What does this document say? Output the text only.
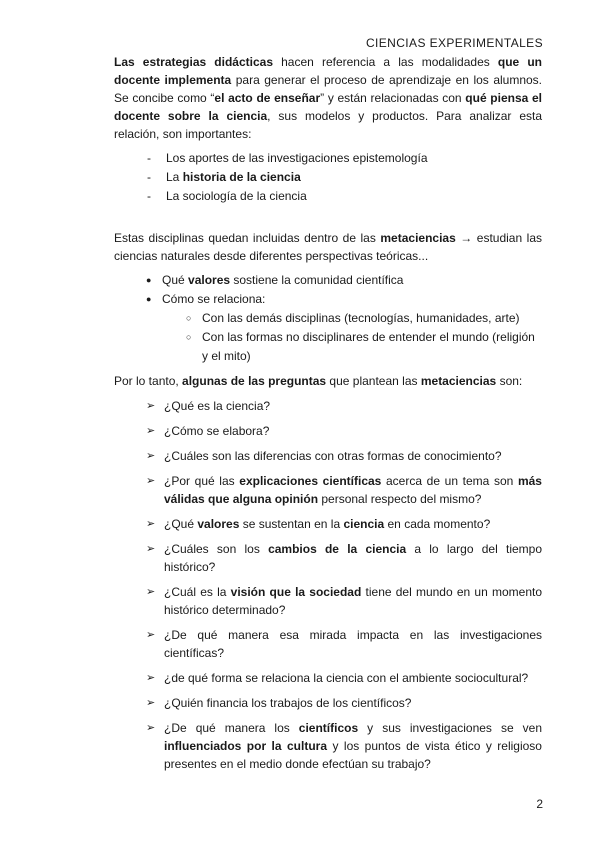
CIENCIAS EXPERIMENTALES

Las estrategias didácticas hacen referencia a las modalidades que un docente implementa para generar el proceso de aprendizaje en los alumnos. Se concibe como “el acto de enseñar” y están relacionadas con qué piensa el docente sobre la ciencia, sus modelos y productos. Para analizar esta relación, son importantes:

- Los aportes de las investigaciones epistemología
- La historia de la ciencia
- La sociología de la ciencia

Estas disciplinas quedan incluidas dentro de las metaciencias → estudian las ciencias naturales desde diferentes perspectivas teóricas...

● Qué valores sostiene la comunidad científica
● Cómo se relaciona:
○ Con las demás disciplinas (tecnologías, humanidades, arte)
○ Con las formas no disciplinares de entender el mundo (religión y el mito)

Por lo tanto, algunas de las preguntas que plantean las metaciencias son:

➢ ¿Qué es la ciencia?
➢ ¿Cómo se elabora?
➢ ¿Cuáles son las diferencias con otras formas de conocimiento?
➢ ¿Por qué las explicaciones científicas acerca de un tema son más válidas que alguna opinión personal respecto del mismo?
➢ ¿Qué valores se sustentan en la ciencia en cada momento?
➢ ¿Cuáles son los cambios de la ciencia a lo largo del tiempo histórico?
➢ ¿Cuál es la visión que la sociedad tiene del mundo en un momento histórico determinado?
➢ ¿De qué manera esa mirada impacta en las investigaciones científicas?
➢ ¿de qué forma se relaciona la ciencia con el ambiente sociocultural?
➢ ¿Quién financia los trabajos de los científicos?
➢ ¿De qué manera los científicos y sus investigaciones se ven influenciados por la cultura y los puntos de vista ético y religioso presentes en el medio donde efectúan su trabajo?
2
